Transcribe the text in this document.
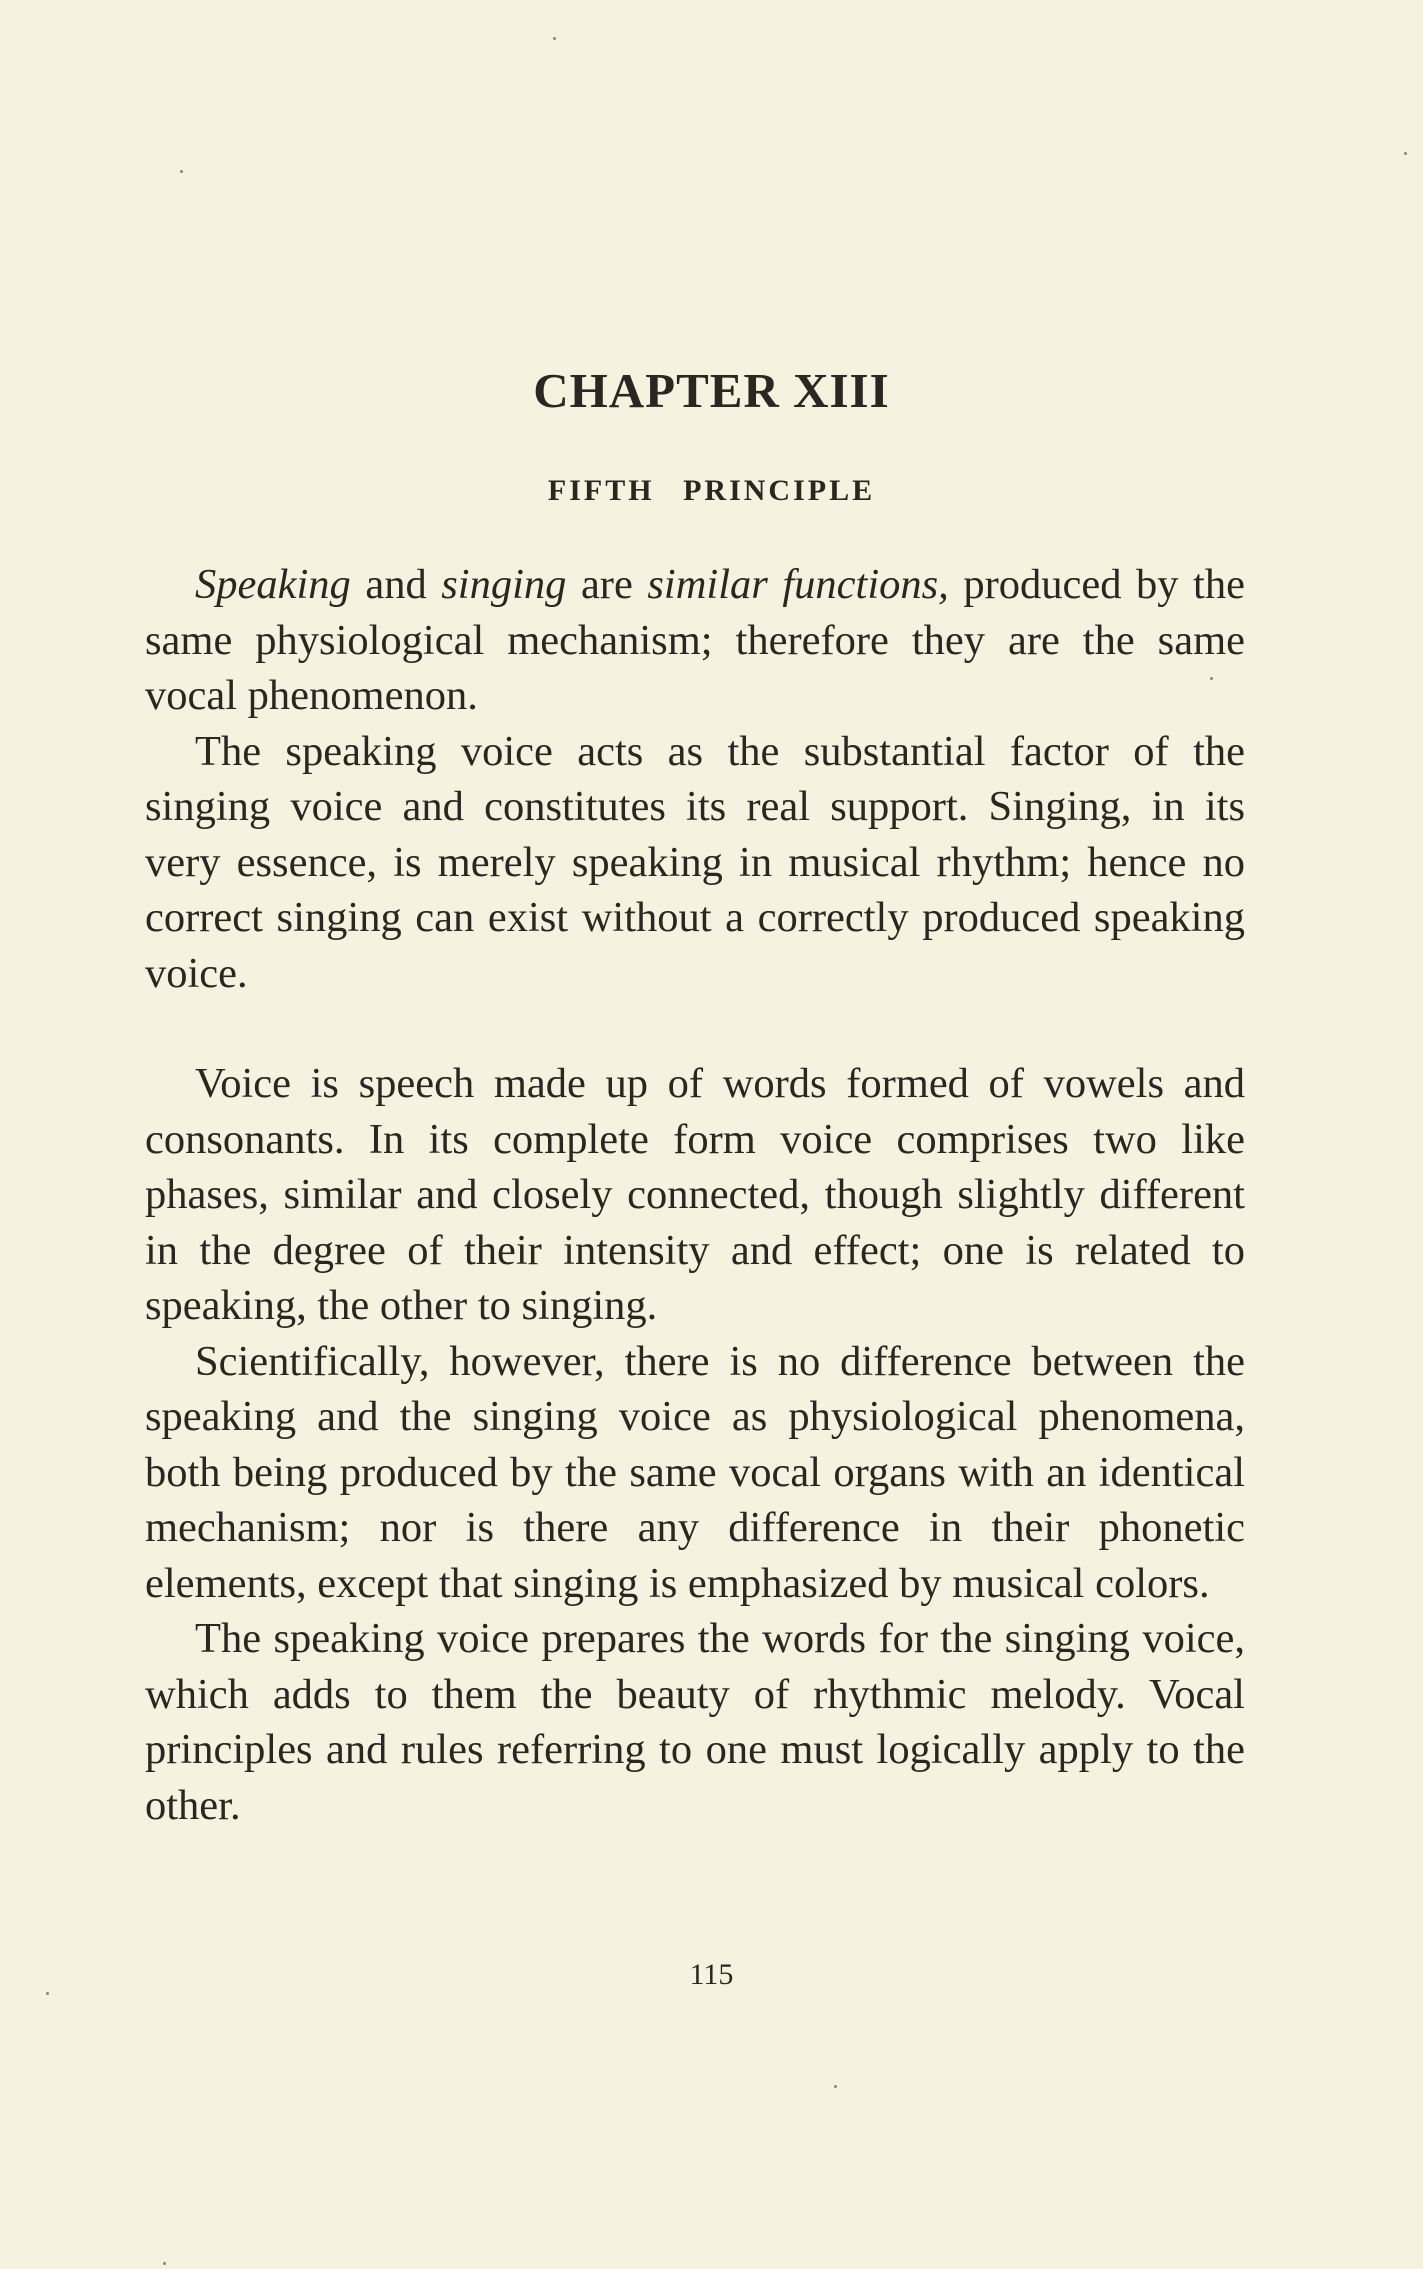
CHAPTER XIII
FIFTH PRINCIPLE

Speaking and singing are similar functions, produced by the same physiological mechanism; therefore they are the same vocal phenomenon.

The speaking voice acts as the substantial factor of the singing voice and constitutes its real support. Singing, in its very essence, is merely speaking in musical rhythm; hence no correct singing can exist without a correctly produced speaking voice.

Voice is speech made up of words formed of vowels and consonants. In its complete form voice comprises two like phases, similar and closely connected, though slightly different in the degree of their intensity and effect; one is related to speaking, the other to singing.

Scientifically, however, there is no difference between the speaking and the singing voice as physiological phenomena, both being produced by the same vocal organs with an identical mechanism; nor is there any difference in their phonetic elements, except that singing is emphasized by musical colors.

The speaking voice prepares the words for the singing voice, which adds to them the beauty of rhythmic melody. Vocal principles and rules referring to one must logically apply to the other.

115
